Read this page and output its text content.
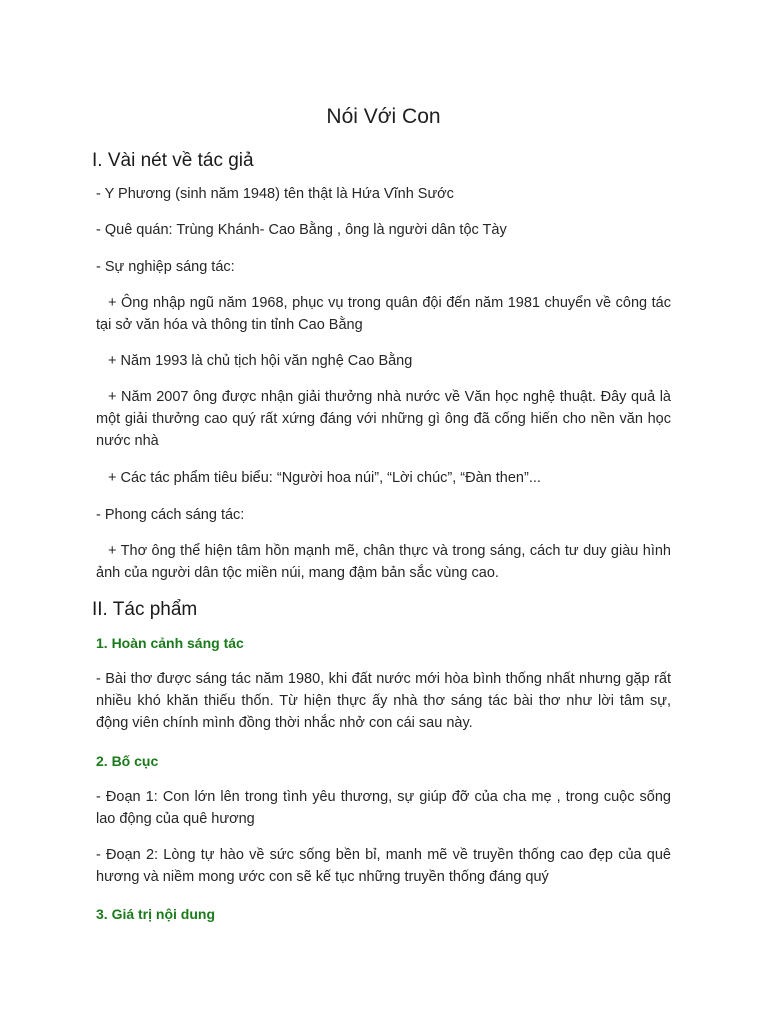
Nói Với Con
I. Vài nét về tác giả
- Y Phương (sinh năm 1948) tên thật là Hứa Vĩnh Sước
- Quê quán: Trùng Khánh- Cao Bằng , ông là người dân tộc Tày
- Sự nghiệp sáng tác:
+ Ông nhập ngũ năm 1968, phục vụ trong quân đội đến năm 1981 chuyển về công tác tại sở văn hóa và thông tin tỉnh Cao Bằng
+ Năm 1993 là chủ tịch hội văn nghệ Cao Bằng
+ Năm 2007 ông được nhận giải thưởng nhà nước về Văn học nghệ thuật. Đây quả là một giải thưởng cao quý rất xứng đáng với những gì ông đã cống hiến cho nền văn học nước nhà
+ Các tác phẩm tiêu biểu: “Người hoa núi”, “Lời chúc”, “Đàn then”...
- Phong cách sáng tác:
+ Thơ ông thể hiện tâm hồn mạnh mẽ, chân thực và trong sáng, cách tư duy giàu hình ảnh của người dân tộc miền núi, mang đậm bản sắc vùng cao.
II. Tác phẩm
1. Hoàn cảnh sáng tác
- Bài thơ được sáng tác năm 1980, khi đất nước mới hòa bình thống nhất nhưng gặp rất nhiều khó khăn thiếu thốn. Từ hiện thực ấy nhà thơ sáng tác bài thơ như lời tâm sự, động viên chính mình đồng thời nhắc nhở con cái sau này.
2. Bố cục
- Đoạn 1: Con lớn lên trong tình yêu thương, sự giúp đỡ của cha mẹ , trong cuộc sống lao động của quê hương
- Đoạn 2: Lòng tự hào về sức sống bền bỉ, manh mẽ về truyền thống cao đẹp của quê hương và niềm mong ước con sẽ kế tục những truyền thống đáng quý
3. Giá trị nội dung
